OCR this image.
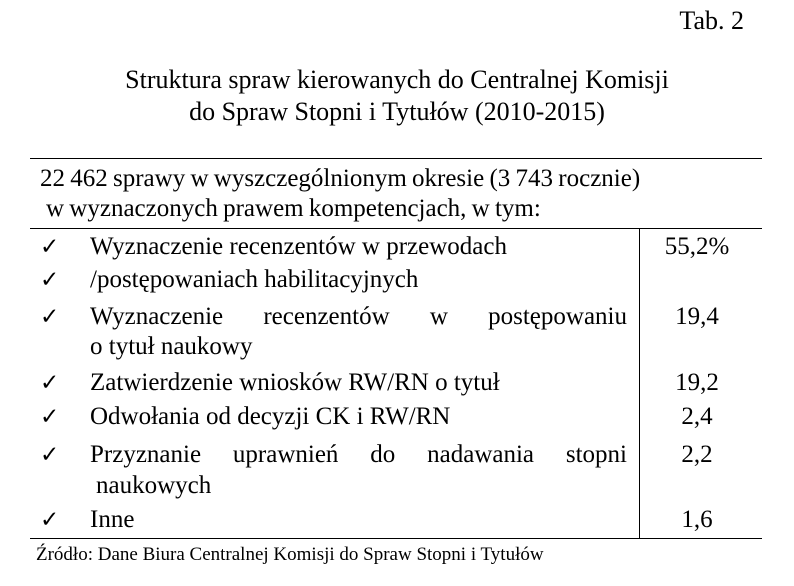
Tab. 2
Struktura spraw kierowanych do Centralnej Komisji
do Spraw Stopni i Tytułów (2010-2015)
22 462 sprawy w wyszczególnionym okresie (3 743 rocznie)
w wyznaczonych prawem kompetencjach, w tym:
✓ Wyznaczenie recenzentów w przewodach	55,2%
✓ /postępowaniach habilitacyjnych
✓ Wyznaczenie recenzentów w postępowaniu	19,4
o tytuł naukowy
✓ Zatwierdzenie wniosków RW/RN o tytuł	19,2
✓ Odwołania od decyzji CK i RW/RN	2,4
✓ Przyznanie uprawnień do nadawania stopni	2,2
naukowych
✓ Inne	1,6
Źródło: Dane Biura Centralnej Komisji do Spraw Stopni i Tytułów
